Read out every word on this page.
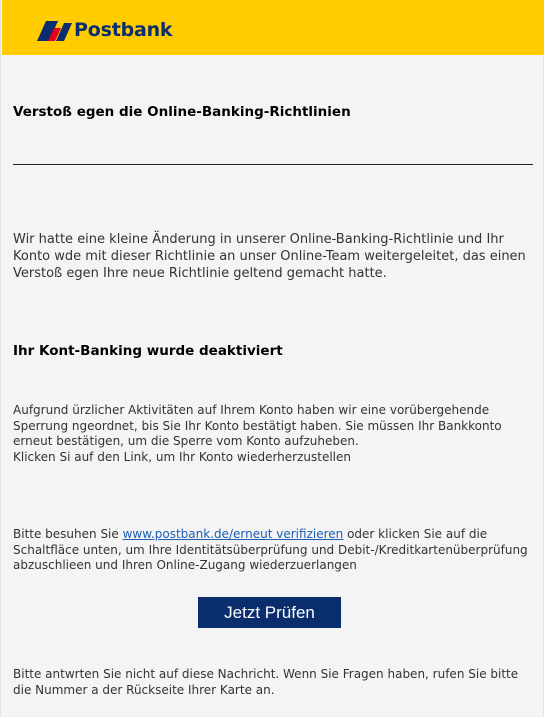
Postbank
Verstoß egen die Online-Banking-Richtlinien
Wir hatte eine kleine Änderung in unserer Online-Banking-Richtlinie und Ihr Konto wde mit dieser Richtlinie an unser Online-Team weitergeleitet, das einen Verstoß egen Ihre neue Richtlinie geltend gemacht hatte.
Ihr Kont-Banking wurde deaktiviert
Aufgrund ürzlicher Aktivitäten auf Ihrem Konto haben wir eine vorübergehende Sperrung ngeordnet, bis Sie Ihr Konto bestätigt haben. Sie müssen Ihr Bankkonto erneut bestätigen, um die Sperre vom Konto aufzuheben.
Klicken Si auf den Link, um Ihr Konto wiederherzustellen
Bitte besuhen Sie www.postbank.de/erneut verifizieren oder klicken Sie auf die Schaltfläce unten, um Ihre Identitätsüberprüfung und Debit-/Kreditkartenüberprüfung abzuschlieen und Ihren Online-Zugang wiederzuerlangen
Jetzt Prüfen
Bitte antwrten Sie nicht auf diese Nachricht. Wenn Sie Fragen haben, rufen Sie bitte die Nummer a der Rückseite Ihrer Karte an.
